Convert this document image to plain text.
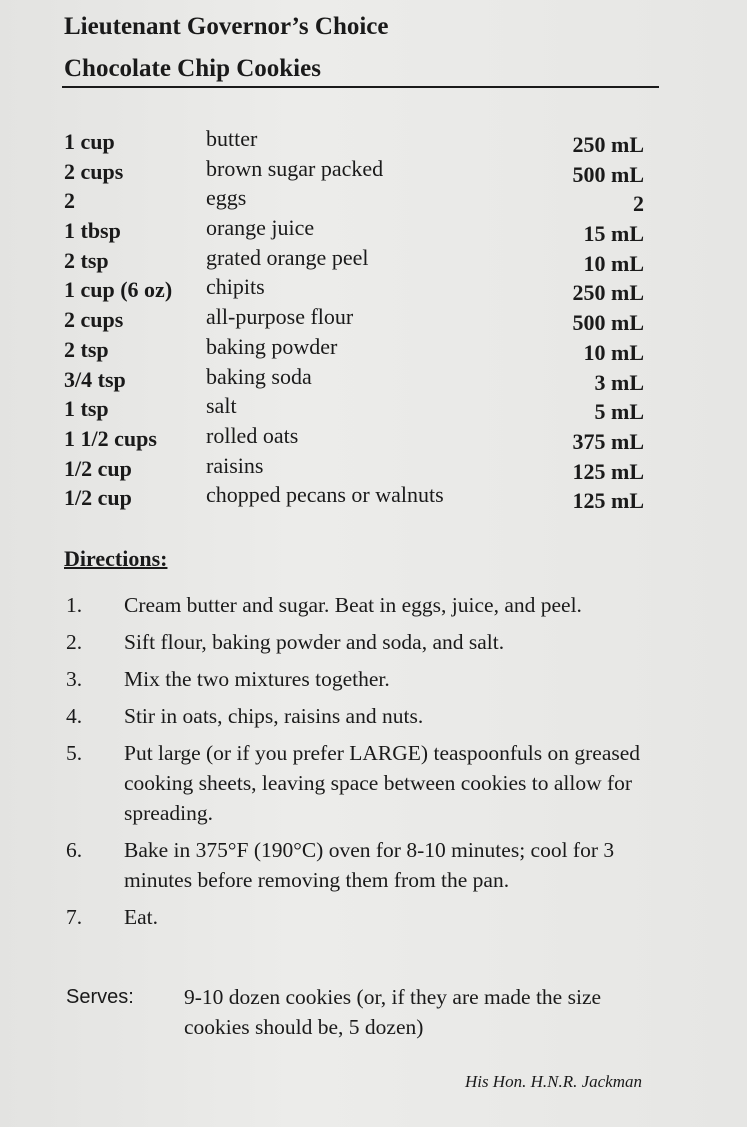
Lieutenant Governor’s Choice
Chocolate Chip Cookies
1 cup	butter	250 mL
2 cups	brown sugar packed	500 mL
2	eggs	2
1 tbsp	orange juice	15 mL
2 tsp	grated orange peel	10 mL
1 cup (6 oz) chipits	250 mL
2 cups	all-purpose flour	500 mL
2 tsp	baking powder	10 mL
3/4 tsp	baking soda	3 mL
1 tsp	salt	5 mL
1 1/2 cups rolled oats	375 mL
1/2 cup	raisins	125 mL
1/2 cup	chopped pecans or walnuts	125 mL
Directions:
1. Cream butter and sugar. Beat in eggs, juice, and peel.
2. Sift flour, baking powder and soda, and salt.
3. Mix the two mixtures together.
4. Stir in oats, chips, raisins and nuts.
5. Put large (or if you prefer LARGE) teaspoonfuls on greased cooking sheets, leaving space between cookies to allow for spreading.
6. Bake in 375°F (190°C) oven for 8-10 minutes; cool for 3 minutes before removing them from the pan.
7. Eat.
Serves: 9-10 dozen cookies (or, if they are made the size cookies should be, 5 dozen)
His Hon. H.N.R. Jackman
